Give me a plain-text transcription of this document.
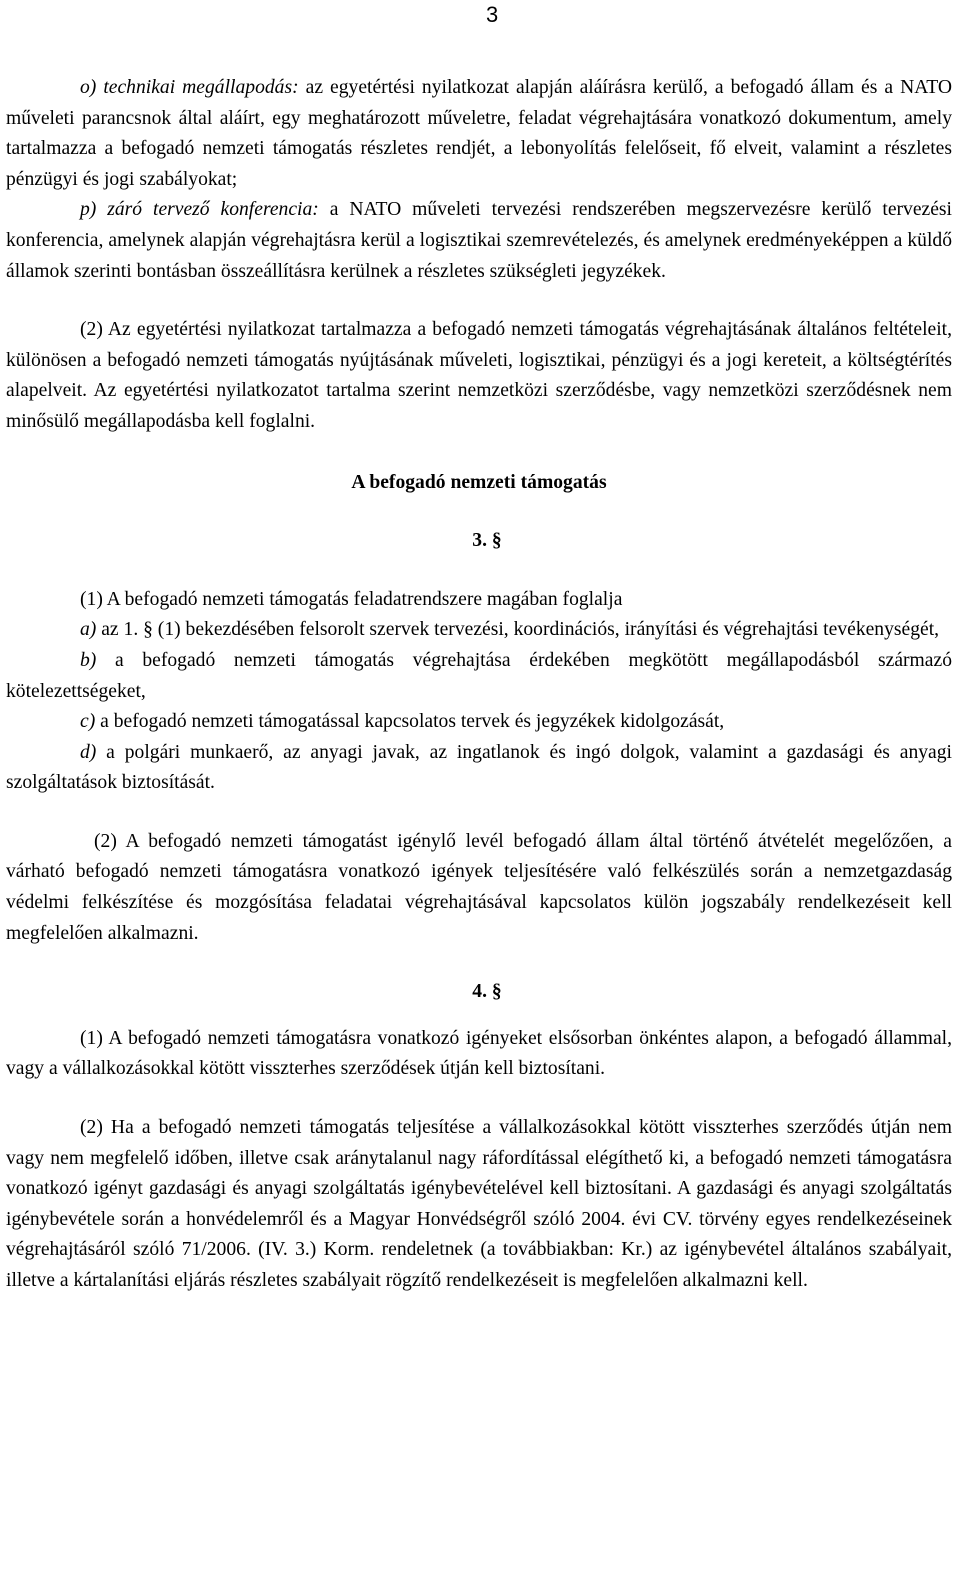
3

o) technikai megállapodás: az egyetértési nyilatkozat alapján aláírásra kerülő, a befogadó állam és a NATO műveleti parancsnok által aláírt, egy meghatározott műveletre, feladat végrehajtására vonatkozó dokumentum, amely tartalmazza a befogadó nemzeti támogatás részletes rendjét, a lebonyolítás felelőseit, fő elveit, valamint a részletes pénzügyi és jogi szabályokat;

p) záró tervező konferencia: a NATO műveleti tervezési rendszerében megszervezésre kerülő tervezési konferencia, amelynek alapján végrehajtásra kerül a logisztikai szemrevételezés, és amelynek eredményeképpen a küldő államok szerinti bontásban összeállításra kerülnek a részletes szükségleti jegyzékek.

(2) Az egyetértési nyilatkozat tartalmazza a befogadó nemzeti támogatás végrehajtásának általános feltételeit, különösen a befogadó nemzeti támogatás nyújtásának műveleti, logisztikai, pénzügyi és a jogi kereteit, a költségtérítés alapelveit. Az egyetértési nyilatkozatot tartalma szerint nemzetközi szerződésbe, vagy nemzetközi szerződésnek nem minősülő megállapodásba kell foglalni.

A befogadó nemzeti támogatás

3. §

(1) A befogadó nemzeti támogatás feladatrendszere magában foglalja

a) az 1. § (1) bekezdésében felsorolt szervek tervezési, koordinációs, irányítási és végrehajtási tevékenységét,

b) a befogadó nemzeti támogatás végrehajtása érdekében megkötött megállapodásból származó kötelezettségeket,

c) a befogadó nemzeti támogatással kapcsolatos tervek és jegyzékek kidolgozását,

d) a polgári munkaerő, az anyagi javak, az ingatlanok és ingó dolgok, valamint a gazdasági és anyagi szolgáltatások biztosítását.

(2) A befogadó nemzeti támogatást igénylő levél befogadó állam által történő átvételét megelőzően, a várható befogadó nemzeti támogatásra vonatkozó igények teljesítésére való felkészülés során a nemzetgazdaság védelmi felkészítése és mozgósítása feladatai végrehajtásával kapcsolatos külön jogszabály rendelkezéseit kell megfelelően alkalmazni.

4. §

(1) A befogadó nemzeti támogatásra vonatkozó igényeket elsősorban önkéntes alapon, a befogadó állammal, vagy a vállalkozásokkal kötött visszterhes szerződések útján kell biztosítani.

(2) Ha a befogadó nemzeti támogatás teljesítése a vállalkozásokkal kötött visszterhes szerződés útján nem vagy nem megfelelő időben, illetve csak aránytalanul nagy ráfordítással elégíthető ki, a befogadó nemzeti támogatásra vonatkozó igényt gazdasági és anyagi szolgáltatás igénybevételével kell biztosítani. A gazdasági és anyagi szolgáltatás igénybevétele során a honvédelemről és a Magyar Honvédségről szóló 2004. évi CV. törvény egyes rendelkezéseinek végrehajtásáról szóló 71/2006. (IV. 3.) Korm. rendeletnek (a továbbiakban: Kr.) az igénybevétel általános szabályait, illetve a kártalanítási eljárás részletes szabályait rögzítő rendelkezéseit is megfelelően alkalmazni kell.
